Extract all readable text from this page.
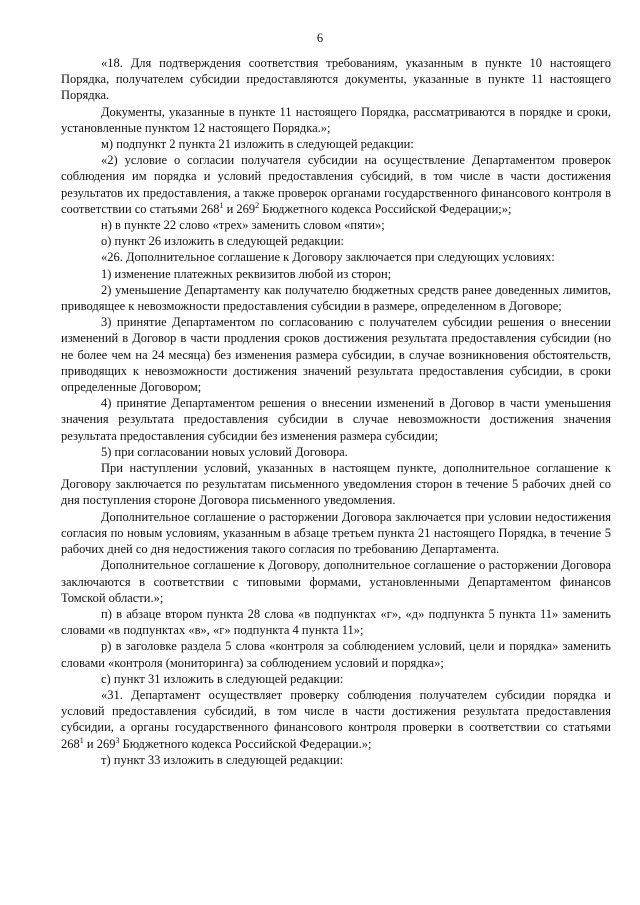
6

«18. Для подтверждения соответствия требованиям, указанным в пункте 10 настоящего Порядка, получателем субсидии предоставляются документы, указанные в пункте 11 настоящего Порядка.

Документы, указанные в пункте 11 настоящего Порядка, рассматриваются в порядке и сроки, установленные пунктом 12 настоящего Порядка.»;

м) подпункт 2 пункта 21 изложить в следующей редакции:

«2) условие о согласии получателя субсидии на осуществление Департаментом проверок соблюдения им порядка и условий предоставления субсидий, в том числе в части достижения результатов их предоставления, а также проверок органами государственного финансового контроля в соответствии со статьями $268^1$ и $269^2$ Бюджетного кодекса Российской Федерации;»;

н) в пункте 22 слово «трех» заменить словом «пяти»;

о) пункт 26 изложить в следующей редакции:

«26. Дополнительное соглашение к Договору заключается при следующих условиях:

1) изменение платежных реквизитов любой из сторон;

2) уменьшение Департаменту как получателю бюджетных средств ранее доведенных лимитов, приводящее к невозможности предоставления субсидии в размере, определенном в Договоре;

3) принятие Департаментом по согласованию с получателем субсидии решения о внесении изменений в Договор в части продления сроков достижения результата предоставления субсидии (но не более чем на 24 месяца) без изменения размера субсидии, в случае возникновения обстоятельств, приводящих к невозможности достижения значений результата предоставления субсидии, в сроки определенные Договором;

4) принятие Департаментом решения о внесении изменений в Договор в части уменьшения значения результата предоставления субсидии в случае невозможности достижения значения результата предоставления субсидии без изменения размера субсидии;

5) при согласовании новых условий Договора.

При наступлении условий, указанных в настоящем пункте, дополнительное соглашение к Договору заключается по результатам письменного уведомления сторон в течение 5 рабочих дней со дня поступления стороне Договора письменного уведомления.

Дополнительное соглашение о расторжении Договора заключается при условии недостижения согласия по новым условиям, указанным в абзаце третьем пункта 21 настоящего Порядка, в течение 5 рабочих дней со дня недостижения такого согласия по требованию Департамента.

Дополнительное соглашение к Договору, дополнительное соглашение о расторжении Договора заключаются в соответствии с типовыми формами, установленными Департаментом финансов Томской области.»;

п) в абзаце втором пункта 28 слова «в подпунктах «г», «д» подпункта 5 пункта 11» заменить словами «в подпунктах «в», «г» подпункта 4 пункта 11»;

р) в заголовке раздела 5 слова «контроля за соблюдением условий, цели и порядка» заменить словами «контроля (мониторинга) за соблюдением условий и порядка»;

с) пункт 31 изложить в следующей редакции:

«31. Департамент осуществляет проверку соблюдения получателем субсидии порядка и условий предоставления субсидий, в том числе в части достижения результата предоставления субсидии, а органы государственного финансового контроля проверки в соответствии со статьями $268^1$ и $269^3$ Бюджетного кодекса Российской Федерации.»;

т) пункт 33 изложить в следующей редакции:
